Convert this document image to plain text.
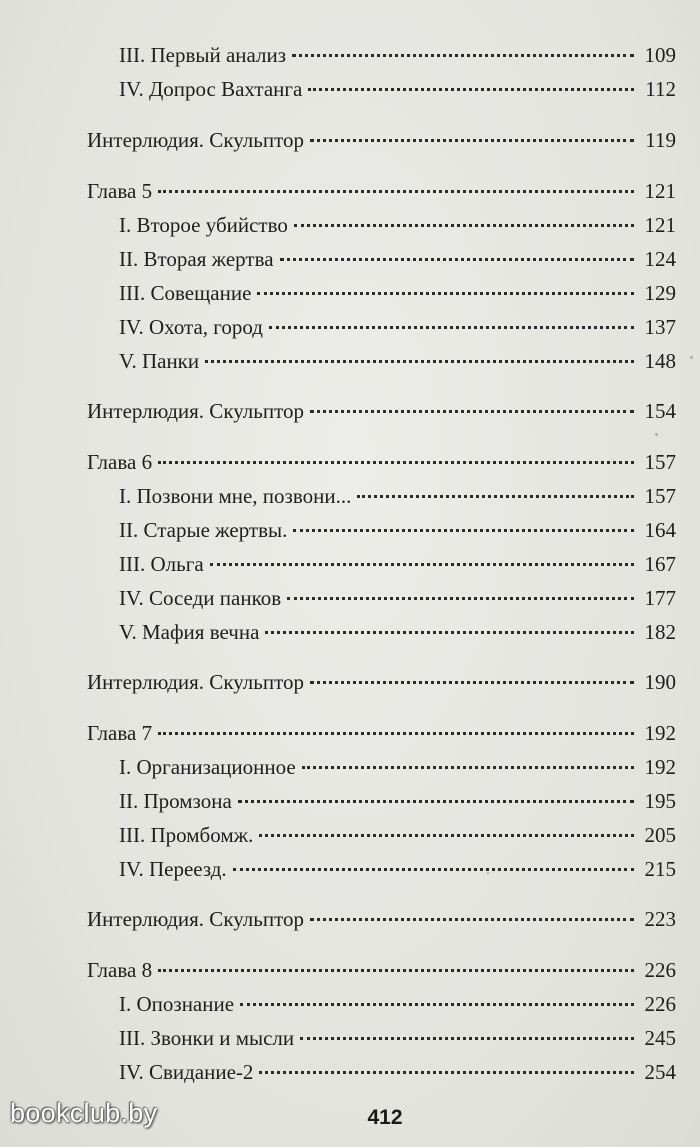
III. Первый анализ	109
IV. Допрос Вахтанга	112
Интерлюдия. Скульптор	119
Глава 5	121
I. Второе убийство	121
II. Вторая жертва	124
III. Совещание	129
IV. Охота, город	137
V. Панки	148
Интерлюдия. Скульптор	154
Глава 6	157
I. Позвони мне, позвони...	157
II. Старые жертвы.	164
III. Ольга	167
IV. Соседи панков	177
V. Мафия вечна	182
Интерлюдия. Скульптор	190
Глава 7	192
I. Организационное	192
II. Промзона	195
III. Промбомж.	205
IV. Переезд.	215
Интерлюдия. Скульптор	223
Глава 8	226
I. Опознание	226
III. Звонки и мысли	245
IV. Свидание-2	254
412
bookclub.by
